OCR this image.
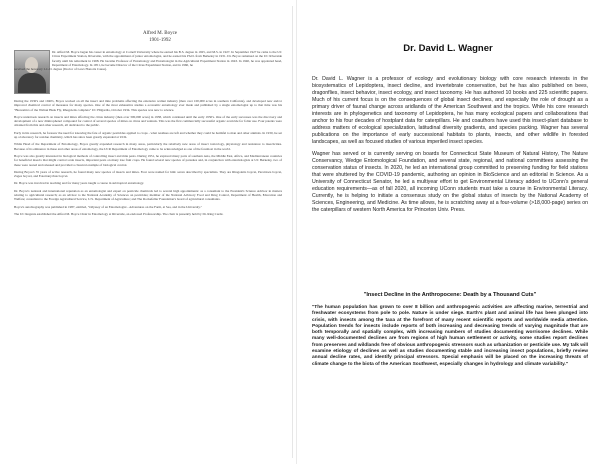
Alfred M. Boyce
1901-1992
Dr. Alfred M. Boyce began his career in entomology at Cornell University where he earned his B.S. degree in 1925, and M.S. in 1927. In September 1927 he came to the UC Citrus Experiment Station, Riverside, with the appointment of junior entomologist, and he earned his Ph.D. from Berkeley in 1931. Dr. Boyce remained on the UC Riverside faculty until his retirement in 1968. He became Professor of Entomology and Entomologist in the Agricultural Experiment Station in 1943. In 1940, he was appointed head, Department of Entomology. In 1951, he became Director of the Citrus Experiment Station, and in 1960, he
received the honorary L.L.D. degree (Doctor of Laws Honoris Causa).

During the 1930's and 1940's, Boyce worked on all the insect and mite problems affecting the extensive walnut industry (then over 100,000 acres in southern California), and developed new and/or improved chemical control of measures for many species. One of the most exhaustive studies a economic entomology ever made and published by a single entomologist up to that time was his "Bionomics of the Walnut Husk Fly, Rhagoletis completa" UC Hilgardia, October 1934. This species was new to science.

Boyce undertook research on insects and mites affecting the citrus industry (then over 300,000 acres) in 1938, which continued until the early 1950's. One of the early successes was the discovery and development of a new dinitrophenol compound for control of several species of mites on citrus and walnuts. This was the first commercially successful organic acaricide for foliar use. Four patents were obtained from this and other research, all dedicated to the public.

Early in his research, he foresaw the need for knowing the fate of organic pesticides applied to crops - what residues are left and whether they could be harmful to man and other animals. In 1930, he set up a laboratory for residue chemistry, which has since been greatly expanded at UCR.

While Head of the Department of Entomology, Boyce greatly expanded research in many areas, particularly the relatively new areas of insect toxicology, physiology and resistance to insecticides. Because of its eminence in these and other areas of entomology, the UCR Department of Entomology came to be acknowledged as one of the foremost in the world.

Boyce was also greatly interested in biological methods of controlling insect and mite pests. During 1951, he explored many parts of southern Asia, the Middle East, Africa, and Mediterranean countries for beneficial insects that might control scale insects, important pests on many tree fruit crops. He found several new species of parasites and, in conjunction with entomologists at UC Berkeley, two of these were reared and released and provided a classical example of biological control.

During Boyce's 35 years of active research, he found many new species of insects and mites. Four were named for him: seven described by specialists. They are Rhagoletis boycei, Paratrioza boycei, Zagea boycei, and Eotetranychus boycei.

Dr. Boyce was involved in teaching and for many years taught a course in subtropical entomology.

Dr. Boyce's national and international reputation as an entomologist and expert on pesticide chemicals led to several high appointments: as a consultant to the President's Science Advisor in matters relating to agricultural research; as an advisor to the National Academy of Sciences on pesticides; member of the National Advisory Food and Drug Control, Department of Health, Education and Welfare; consultant to the Foreign Agricultural Service, U.S. Department of Agriculture; and The Rockefeller Foundation's board of agricultural consultants.

Boyce's autobiography was published in 1987, entitled, "Odyssey of an Entomologist - Adventures on the Farm, at Sea, and in the University."

The UC Regents established the Alfred M. Boyce Chair in Entomology at Riverside, an endowed Professorship. The chair is presently held by Dr. Ring Cardé.

Dr. David L. Wagner

Dr. David L. Wagner is a professor of ecology and evolutionary biology with core research interests in the biosystematics of Lepidoptera, insect decline, and invertebrate conservation, but he has also published on bees, dragonflies, insect behavior, insect ecology, and insect taxonomy. He has authored 10 books and 225 scientific papers. Much of his current focus is on the consequences of global insect declines, and especially the role of drought as a primary driver of faunal change across aridlands of the American Southwest and the tropics. While his core research interests are in phylogenetics and taxonomy of Lepidoptera, he has many ecological papers and collaborations that anchor to his four decades of hostplant data for caterpillars. He and coauthors have used this insect-plant database to address matters of ecological specialization, latitudinal diversity gradients, and species packing. Wagner has several publications on the importance of early successional habitats to plants, insects, and other wildlife in forested landscapes, as well as focused studies of various imperiled insect species.

Wagner has served or is currently serving on boards for Connecticut State Museum of Natural History, The Nature Conservancy, Wedge Entomological Foundation, and several state, regional, and national committees assessing the conservation status of insects. In 2020, he led an international group committed to preserving funding for field stations that were shuttered by the COVID-19 pandemic, authoring an opinion in BioScience and an editorial in Science. As a University of Connecticut Senator, he led a multiyear effort to get Environmental Literacy added to UConn's general education requirements—as of fall 2020, all incoming UConn students must take a course in Environmental Literacy. Currently, he is helping to initiate a consensus study on the global status of insects by the National Academy of Sciences, Engineering, and Medicine. As time allows, he is scratching away at a four-volume (>18,000-page) series on the caterpillars of western North America for Princeton Univ. Press.

"Insect Decline in the Anthropocene: Death by a Thousand Cuts"
"The human population has grown to over 8 billion and anthropogenic activities are affecting marine, terrestrial and freshwater ecosystems from pole to pole. Nature is under siege. Earth's plant and animal life has been plunged into crisis, with insects among the taxa at the forefront of many recent scientific reports and worldwide media attention. Population trends for insects include reports of both increasing and decreasing trends of varying magnitude that are both temporally and spatially complex, with increasing numbers of studies documenting worrisome declines. While many well-documented declines are from regions of high human settlement or activity, some studies report declines from preserves and wildlands free of obvious anthropogenic stressors such as urbanization or pesticide use. My talk will examine etiology of declines as well as studies documenting stable and increasing insect populations, briefly review annual decline rates, and identify principal stressors. Special emphasis will be placed on the increasing threats of climate change to the biota of the American Southwest, especially changes in hydrology and climate variability."
